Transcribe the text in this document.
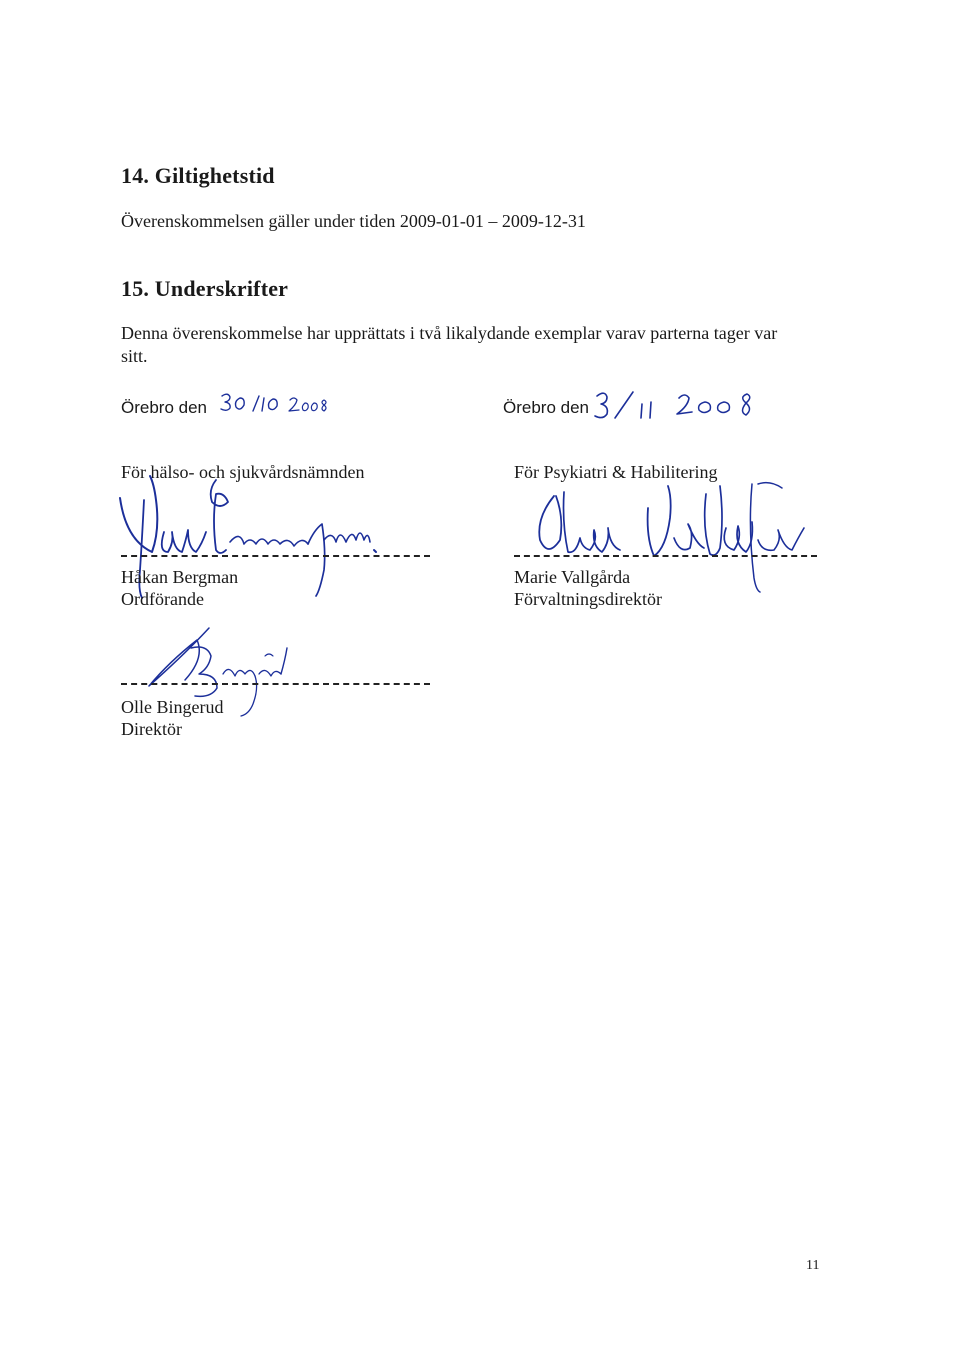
14. Giltighetstid
Överenskommelsen gäller under tiden 2009-01-01 – 2009-12-31
15. Underskrifter
Denna överenskommelse har upprättats i två likalydande exemplar varav parterna tager var
sitt.
Örebro den	Örebro den
För hälso- och sjukvårdsnämnden	För Psykiatri & Habilitering
Håkan Bergman
Ordförande
Marie Vallgårda
Förvaltningsdirektör
Olle Bingerud
Direktör
11
